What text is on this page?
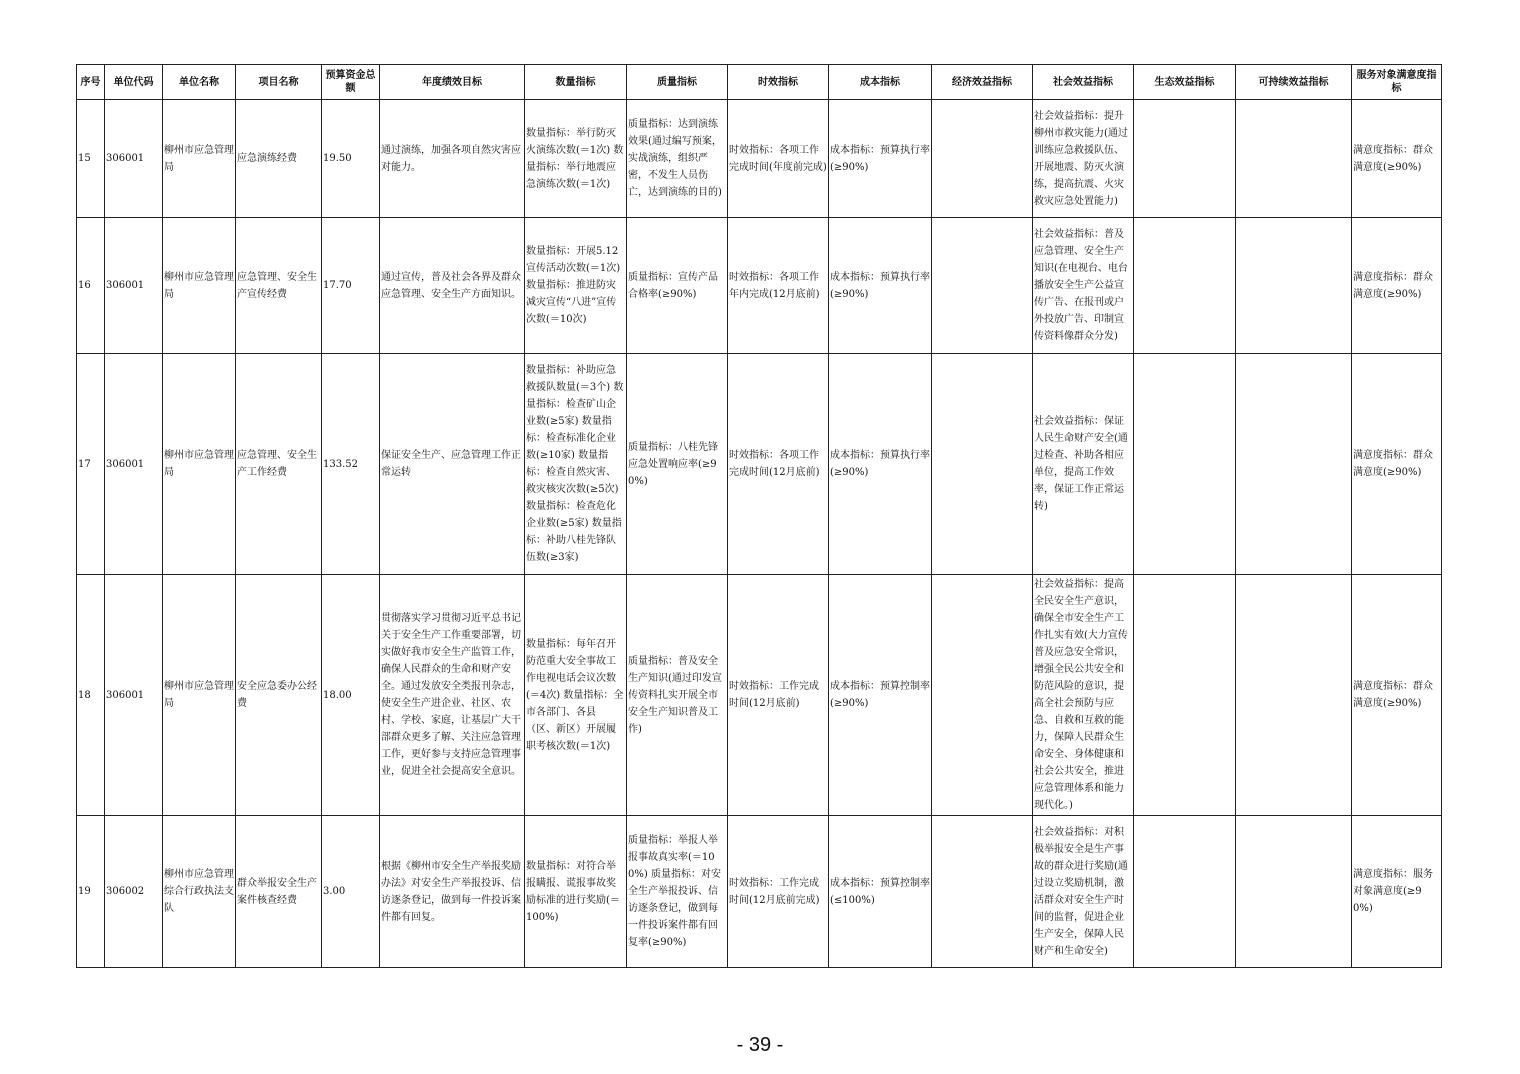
序号	单位代码	单位名称	项目名称	预算资金总额	年度绩效目标	数量指标	质量指标	时效指标	成本指标	经济效益指标	社会效益指标	生态效益指标	可持续效益指标	服务对象满意度指标
15	306001	柳州市应急管理局	应急演练经费	19.50	通过演练，加强各项自然灾害应对能力。	数量指标：举行防灭火演练次数(＝1次) 数量指标：举行地震应急演练次数(＝1次)	质量指标：达到演练效果(通过编写预案，实战演练，组织严密，不发生人员伤亡，达到演练的目的)	时效指标：各项工作完成时间(年度前完成)	成本指标：预算执行率(≥90%)		社会效益指标：提升柳州市救灾能力(通过训练应急救援队伍、开展地震、防灭火演练，提高抗震、火灾救灾应急处置能力)			满意度指标：群众满意度(≥90%)
16	306001	柳州市应急管理局	应急管理、安全生产宣传经费	17.70	通过宣传，普及社会各界及群众应急管理、安全生产方面知识。	数量指标：开展5.12宣传活动次数(＝1次) 数量指标：推进防灾减灾宣传“八进”宣传次数(＝10次)	质量指标：宣传产品合格率(≥90%)	时效指标：各项工作年内完成(12月底前)	成本指标：预算执行率(≥90%)		社会效益指标：普及应急管理、安全生产知识(在电视台、电台播放安全生产公益宣传广告、在报刊或户外投放广告、印制宣传资料像群众分发)			满意度指标：群众满意度(≥90%)
17	306001	柳州市应急管理局	应急管理、安全生产工作经费	133.52	保证安全生产、应急管理工作正常运转	数量指标：补助应急救援队数量(＝3个) 数量指标：检查矿山企业数(≥5家) 数量指标：检查标准化企业数(≥10家) 数量指标：检查自然灾害、救灾核灾次数(≥5次) 数量指标：检查危化企业数(≥5家) 数量指标：补助八桂先锋队伍数(≥3家)	质量指标：八桂先锋应急处置响应率(≥90%)	时效指标：各项工作完成时间(12月底前)	成本指标：预算执行率(≥90%)		社会效益指标：保证人民生命财产安全(通过检查、补助各相应单位，提高工作效率，保证工作正常运转)			满意度指标：群众满意度(≥90%)
18	306001	柳州市应急管理局	安全应急委办公经费	18.00	贯彻落实学习贯彻习近平总书记关于安全生产工作重要部署，切实做好我市安全生产监管工作，确保人民群众的生命和财产安全。通过发放安全类报刊杂志，使安全生产进企业、社区、农村、学校、家庭，让基层广大干部群众更多了解、关注应急管理工作，更好参与支持应急管理事业，促进全社会提高安全意识。	数量指标：每年召开防范重大安全事故工作电视电话会议次数(＝4次) 数量指标：全市各部门、各县（区、新区）开展履职考核次数(＝1次)	质量指标：普及安全生产知识(通过印发宣传资料扎实开展全市安全生产知识普及工作)	时效指标：工作完成时间(12月底前)	成本指标：预算控制率(≥90%)		社会效益指标：提高全民安全生产意识，确保全市安全生产工作扎实有效(大力宣传普及应急安全常识，增强全民公共安全和防范风险的意识，提高全社会预防与应急、自救和互救的能力，保障人民群众生命安全、身体健康和社会公共安全，推进应急管理体系和能力现代化。)			满意度指标：群众满意度(≥90%)
19	306002	柳州市应急管理综合行政执法支队	群众举报安全生产案件核查经费	3.00	根据《柳州市安全生产举报奖励办法》对安全生产举报投诉、信访逐条登记，做到每一件投诉案件都有回复。	数量指标：对符合举报瞒报、谎报事故奖励标准的进行奖励(＝100%)	质量指标：举报人举报事故真实率(＝100%) 质量指标：对安全生产举报投诉、信访逐条登记，做到每一件投诉案件都有回复率(≥90%)	时效指标：工作完成时间(12月底前完成)	成本指标：预算控制率(≤100%)		社会效益指标：对积极举报安全是生产事故的群众进行奖励(通过设立奖励机制，激活群众对安全生产时间的监督，促进企业生产安全，保障人民财产和生命安全)			满意度指标：服务对象满意度(≥90%)
- 39 -
